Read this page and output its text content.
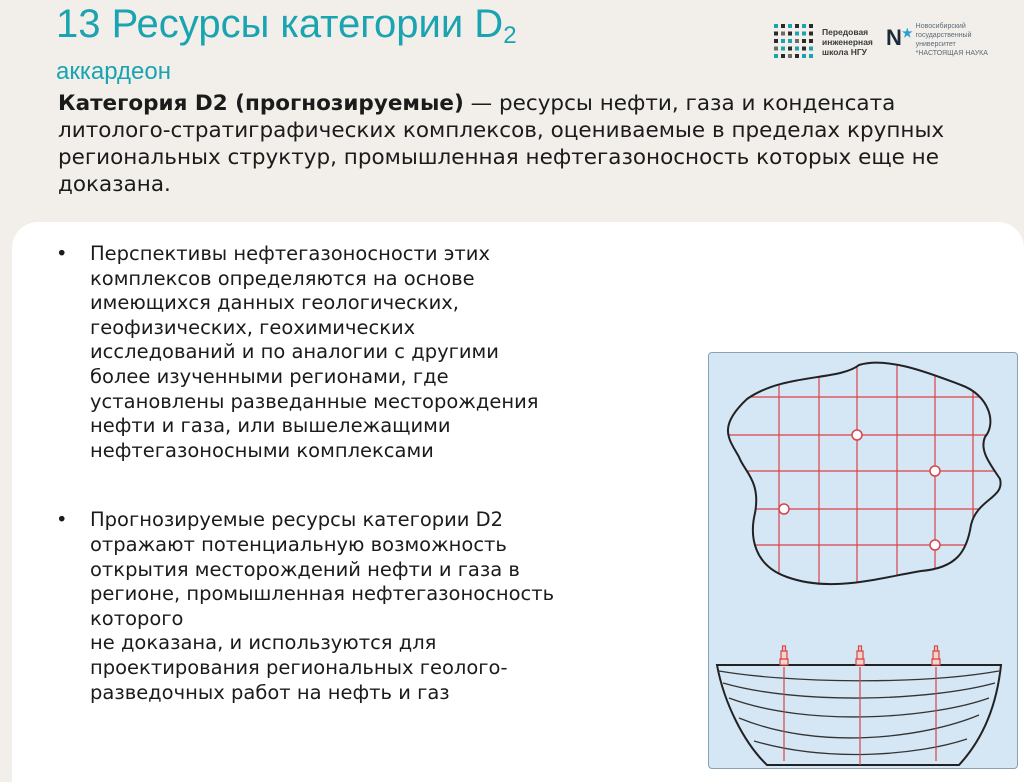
13 Ресурсы категории $D_2$
аккардеон
Передовая
инженерная
школа НГУ
N★ Новосибирский
государственный
университет
*НАСТОЯЩАЯ НАУКА

Категория D2 (прогнозируемые) — ресурсы нефти, газа и конденсата литолого-стратиграфических комплексов, оцениваемые в пределах крупных региональных структур, промышленная нефтегазоносность которых еще не доказана.

• Перспективы нефтегазоносности этих
комплексов определяются на основе
имеющихся данных геологических,
геофизических, геохимических
исследований и по аналогии с другими
более изученными регионами, где
установлены разведанные месторождения
нефти и газа, или вышележащими
нефтегазоносными комплексами
• Прогнозируемые ресурсы категории D2
отражают потенциальную возможность
открытия месторождений нефти и газа в
регионе, промышленная нефтегазоносность
которого
не доказана, и используются для
проектирования региональных геолого-
разведочных работ на нефть и газ
